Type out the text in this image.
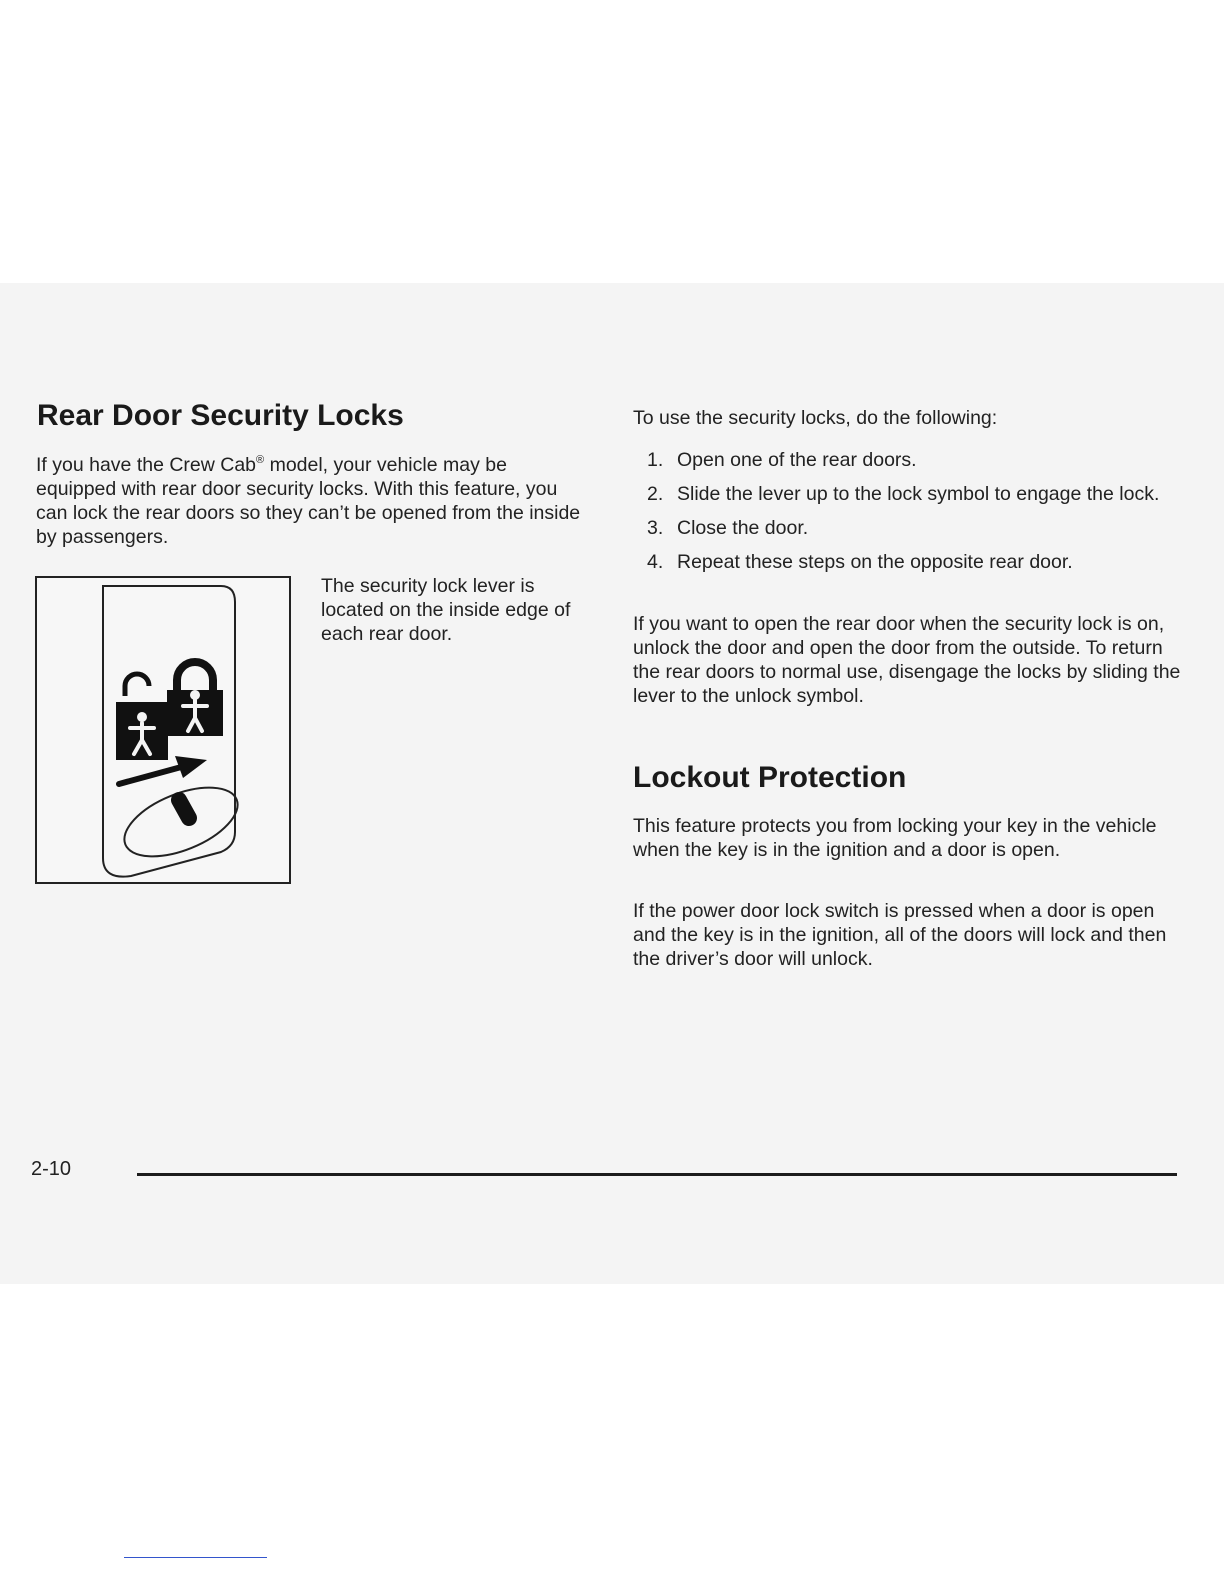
Rear Door Security Locks

If you have the Crew Cab® model, your vehicle may be equipped with rear door security locks. With this feature, you can lock the rear doors so they can’t be opened from the inside by passengers.

The security lock lever is located on the inside edge of each rear door.

To use the security locks, do the following:

1. Open one of the rear doors.
2. Slide the lever up to the lock symbol to engage the lock.
3. Close the door.
4. Repeat these steps on the opposite rear door.

If you want to open the rear door when the security lock is on, unlock the door and open the door from the outside. To return the rear doors to normal use, disengage the locks by sliding the lever to the unlock symbol.

Lockout Protection

This feature protects you from locking your key in the vehicle when the key is in the ignition and a door is open.

If the power door lock switch is pressed when a door is open and the key is in the ignition, all of the doors will lock and then the driver’s door will unlock.

2-10
